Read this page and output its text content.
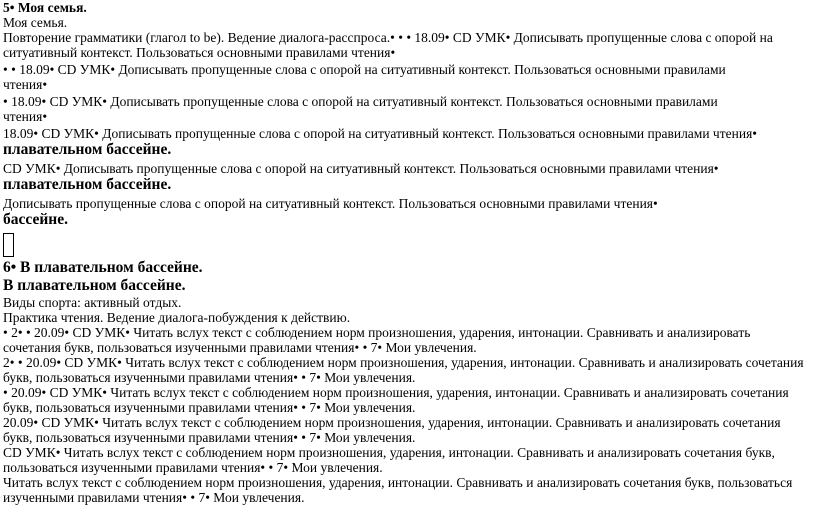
5• Моя семья.
Моя семья.
Повторение грамматики (глагол to be). Ведение диалога-расспроса.• • • 18.09• CD УМК• Дописывать пропущенные слова с опорой на
ситуативный контекст. Пользоваться основными правилами чтения•
• • 18.09• CD УМК• Дописывать пропущенные слова с опорой на ситуативный контекст. Пользоваться основными правилами
чтения•
• 18.09• CD УМК• Дописывать пропущенные слова с опорой на ситуативный контекст. Пользоваться основными правилами
чтения•
18.09• CD УМК• Дописывать пропущенные слова с опорой на ситуативный контекст. Пользоваться основными правилами чтения•
плавательном бассейне.
CD УМК• Дописывать пропущенные слова с опорой на ситуативный контекст. Пользоваться основными правилами чтения•
плавательном бассейне.
Дописывать пропущенные слова с опорой на ситуативный контекст. Пользоваться основными правилами чтения•
бассейне.
6• В плавательном бассейне.
В плавательном бассейне.
Виды спорта: активный отдых.
Практика чтения. Ведение диалога-побуждения к действию.
• 2• • 20.09• CD УМК• Читать вслух текст с соблюдением норм произношения, ударения, интонации. Сравнивать и анализировать
сочетания букв, пользоваться изученными правилами чтения• • 7• Мои увлечения.
2• • 20.09• CD УМК• Читать вслух текст с соблюдением норм произношения, ударения, интонации. Сравнивать и анализировать сочетания
букв, пользоваться изученными правилами чтения• • 7• Мои увлечения.
• 20.09• CD УМК• Читать вслух текст с соблюдением норм произношения, ударения, интонации. Сравнивать и анализировать сочетания
букв, пользоваться изученными правилами чтения• • 7• Мои увлечения.
20.09• CD УМК• Читать вслух текст с соблюдением норм произношения, ударения, интонации. Сравнивать и анализировать сочетания
букв, пользоваться изученными правилами чтения• • 7• Мои увлечения.
CD УМК• Читать вслух текст с соблюдением норм произношения, ударения, интонации. Сравнивать и анализировать сочетания букв,
пользоваться изученными правилами чтения• • 7• Мои увлечения.
Читать вслух текст с соблюдением норм произношения, ударения, интонации. Сравнивать и анализировать сочетания букв, пользоваться
изученными правилами чтения• • 7• Мои увлечения.
